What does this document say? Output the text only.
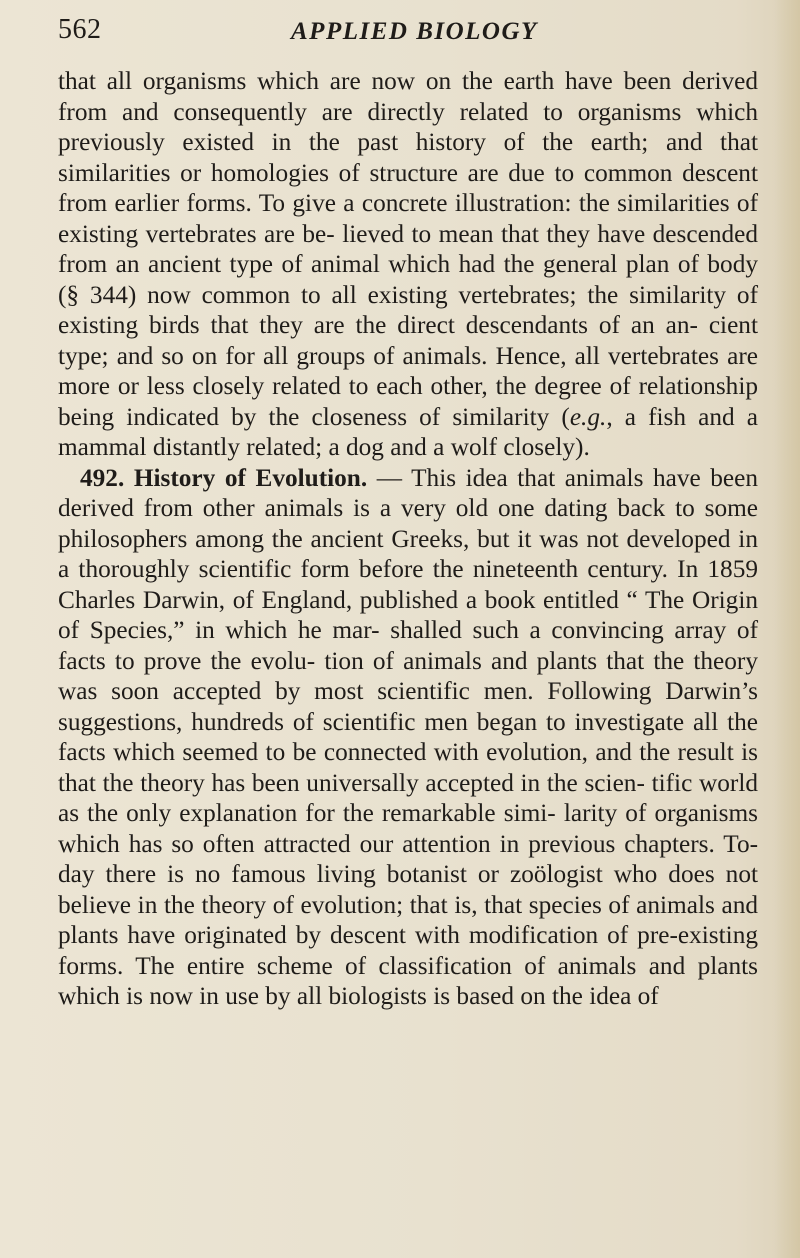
562	APPLIED BIOLOGY

that all organisms which are now on the earth have been derived from and consequently are directly related to organisms which previously existed in the past history of the earth; and that similarities or homologies of structure are due to common descent from earlier forms. To give a concrete illustration: the similarities of existing vertebrates are be- lieved to mean that they have descended from an ancient type of animal which had the general plan of body (§ 344) now common to all existing vertebrates; the similarity of existing birds that they are the direct descendants of an an- cient type; and so on for all groups of animals. Hence, all vertebrates are more or less closely related to each other, the degree of relationship being indicated by the closeness of similarity (e.g., a fish and a mammal distantly related; a dog and a wolf closely).

492. History of Evolution. — This idea that animals have been derived from other animals is a very old one dating back to some philosophers among the ancient Greeks, but it was not developed in a thoroughly scientific form before the nineteenth century. In 1859 Charles Darwin, of England, published a book entitled “ The Origin of Species,” in which he mar- shalled such a convincing array of facts to prove the evolu- tion of animals and plants that the theory was soon accepted by most scientific men. Following Darwin’s suggestions, hundreds of scientific men began to investigate all the facts which seemed to be connected with evolution, and the result is that the theory has been universally accepted in the scien- tific world as the only explanation for the remarkable simi- larity of organisms which has so often attracted our attention in previous chapters. To-day there is no famous living botanist or zoölogist who does not believe in the theory of evolution; that is, that species of animals and plants have originated by descent with modification of pre-existing forms. The entire scheme of classification of animals and plants which is now in use by all biologists is based on the idea of
